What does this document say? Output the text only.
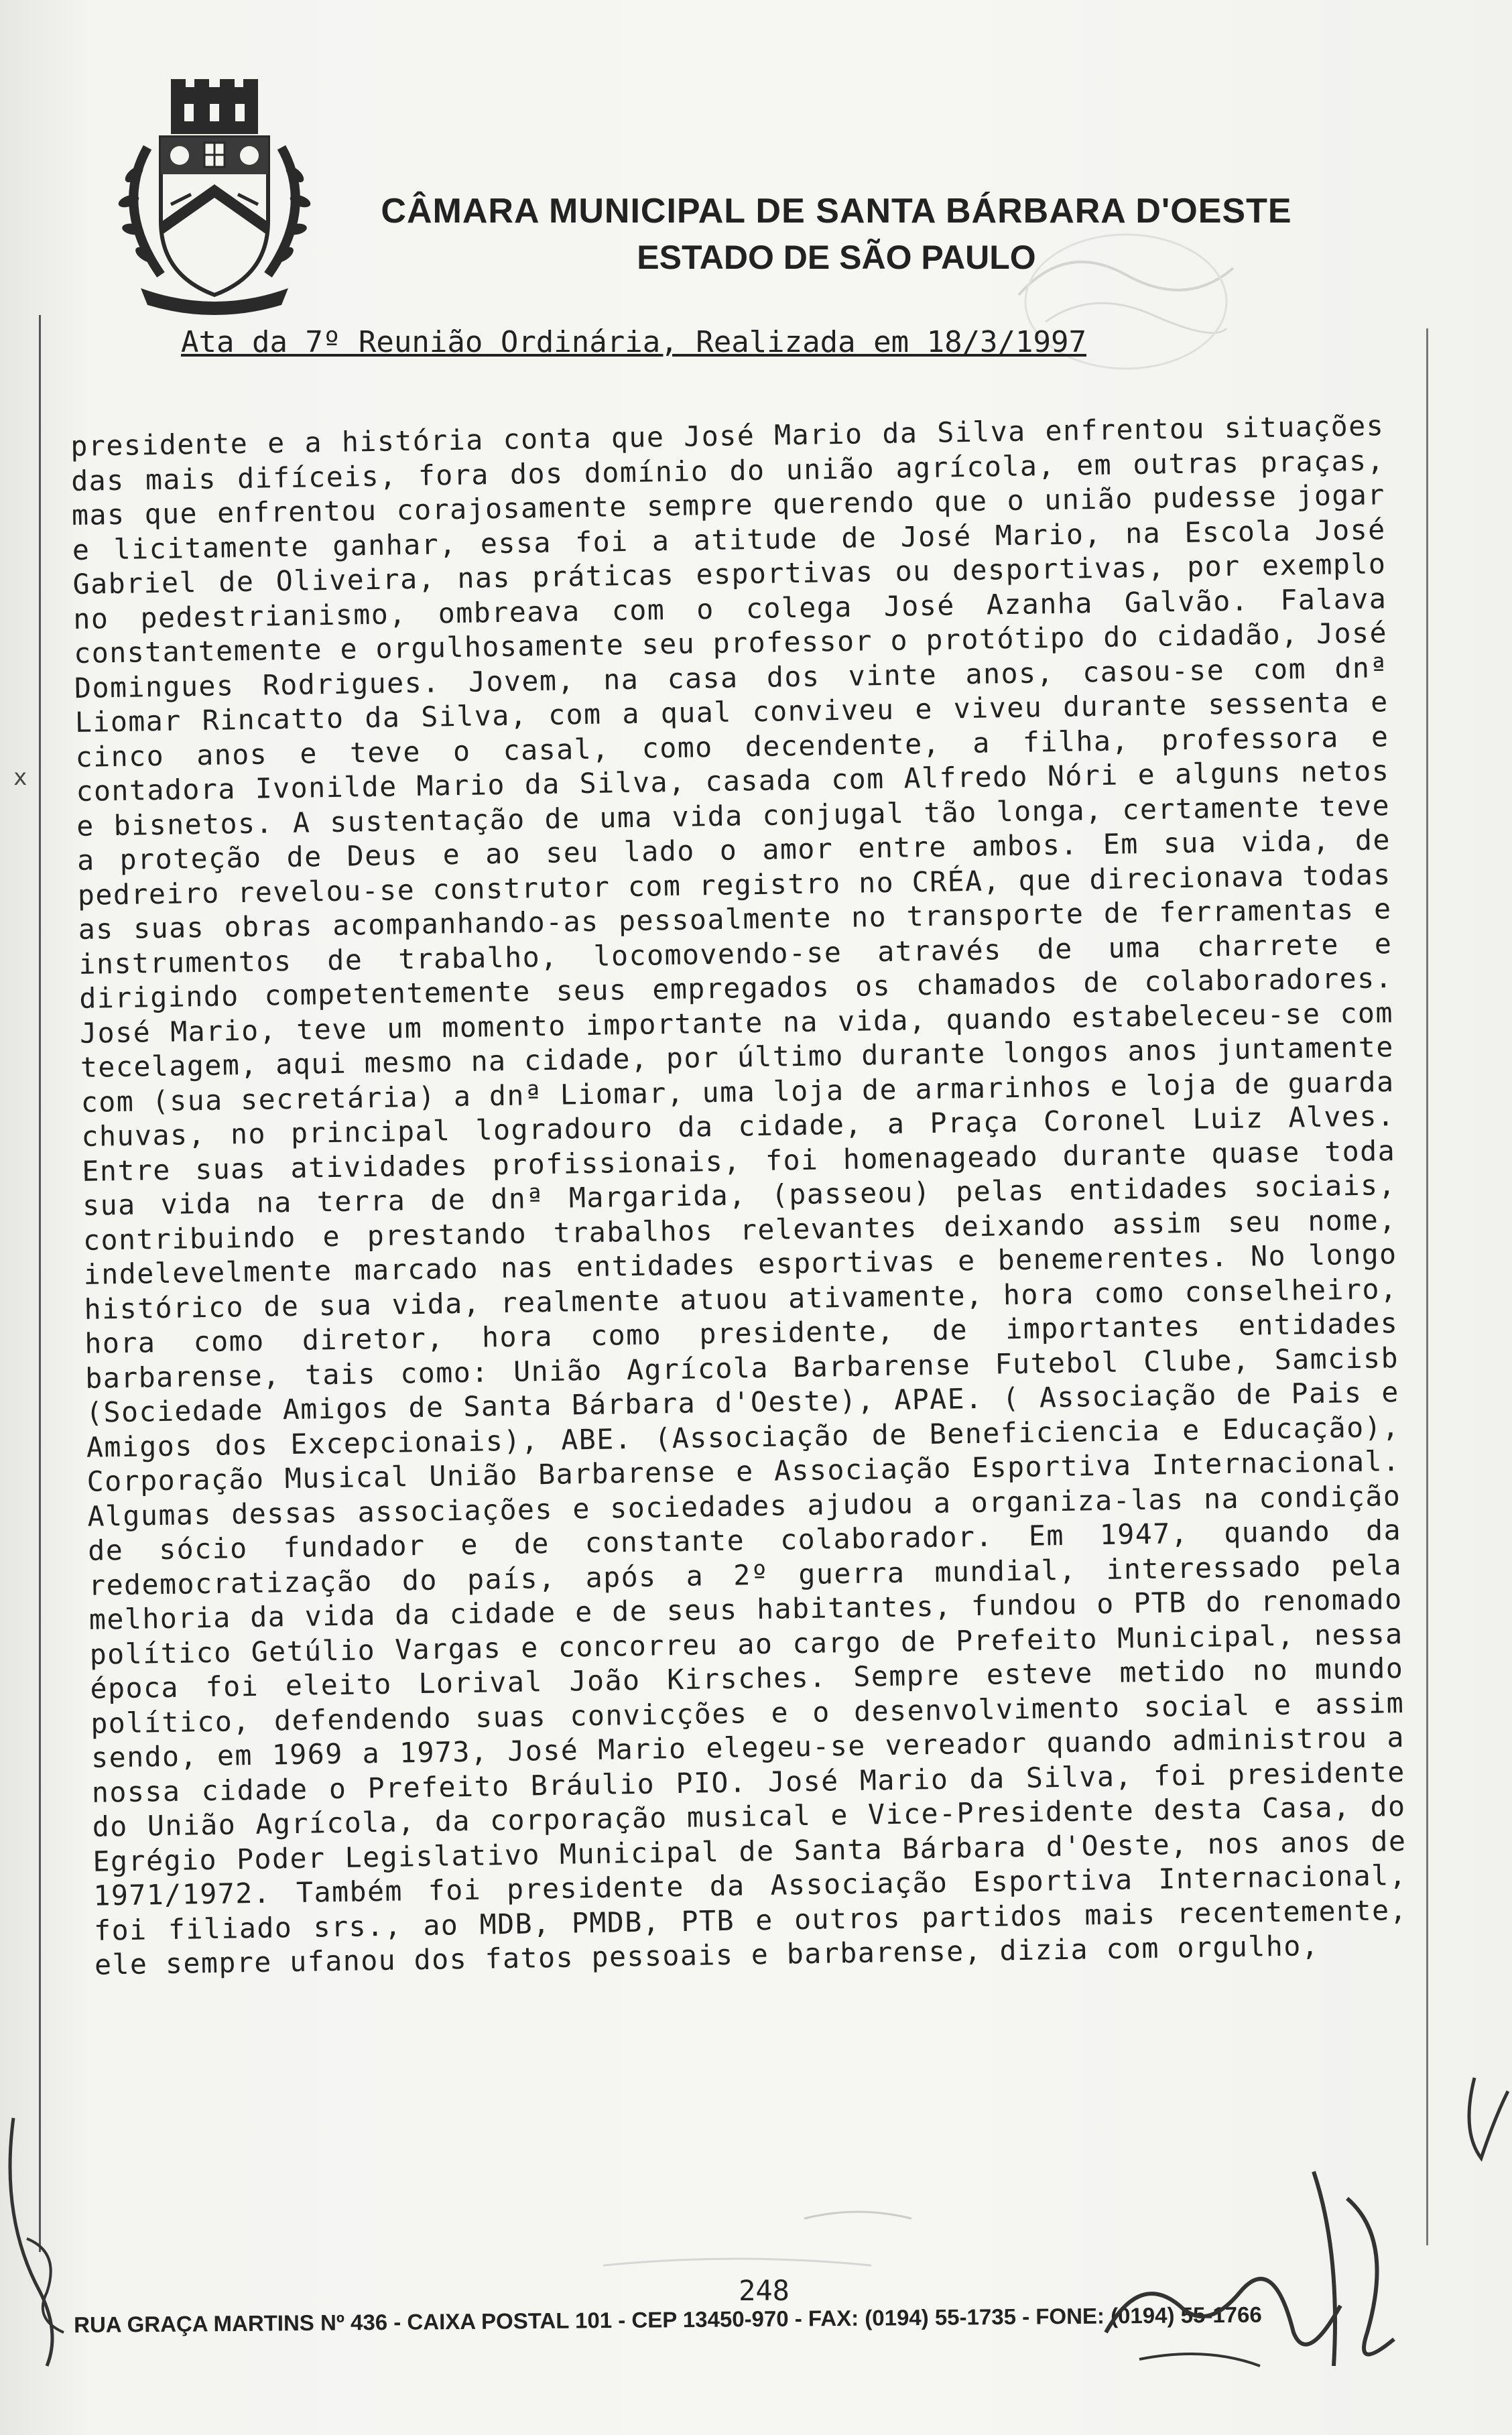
CÂMARA MUNICIPAL DE SANTA BÁRBARA D'OESTE
ESTADO DE SÃO PAULO
Ata da 7º Reunião Ordinária, Realizada em 18/3/1997
x
presidente e a história conta que José Mario da Silva enfrentou situações das mais difíceis, fora dos domínio do união agrícola, em outras praças, mas que enfrentou corajosamente sempre querendo que o união pudesse jogar e licitamente ganhar, essa foi a atitude de José Mario, na Escola José Gabriel de Oliveira, nas práticas esportivas ou desportivas, por exemplo no pedestrianismo, ombreava com o colega José Azanha Galvão. Falava constantemente e orgulhosamente seu professor o protótipo do cidadão, José Domingues Rodrigues. Jovem, na casa dos vinte anos, casou-se com dnª Liomar Rincatto da Silva, com a qual conviveu e viveu durante sessenta e cinco anos e teve o casal, como decendente, a filha, professora e contadora Ivonilde Mario da Silva, casada com Alfredo Nóri e alguns netos e bisnetos. A sustentação de uma vida conjugal tão longa, certamente teve a proteção de Deus e ao seu lado o amor entre ambos. Em sua vida, de pedreiro revelou-se construtor com registro no CRÉA, que direcionava todas as suas obras acompanhando-as pessoalmente no transporte de ferramentas e instrumentos de trabalho, locomovendo-se através de uma charrete e dirigindo competentemente seus empregados os chamados de colaboradores. José Mario, teve um momento importante na vida, quando estabeleceu-se com tecelagem, aqui mesmo na cidade, por último durante longos anos juntamente com (sua secretária) a dnª Liomar, uma loja de armarinhos e loja de guarda chuvas, no principal logradouro da cidade, a Praça Coronel Luiz Alves. Entre suas atividades profissionais, foi homenageado durante quase toda sua vida na terra de dnª Margarida, (passeou) pelas entidades sociais, contribuindo e prestando trabalhos relevantes deixando assim seu nome, indelevelmente marcado nas entidades esportivas e benemerentes. No longo histórico de sua vida, realmente atuou ativamente, hora como conselheiro, hora como diretor, hora como presidente, de importantes entidades barbarense, tais como: União Agrícola Barbarense Futebol Clube, Samcisb (Sociedade Amigos de Santa Bárbara d'Oeste), APAE. ( Associação de Pais e Amigos dos Excepcionais), ABE. (Associação de Beneficiencia e Educação), Corporação Musical União Barbarense e Associação Esportiva Internacional. Algumas dessas associações e sociedades ajudou a organiza-las na condição de sócio fundador e de constante colaborador. Em 1947, quando da redemocratização do país, após a 2º guerra mundial, interessado pela melhoria da vida da cidade e de seus habitantes, fundou o PTB do renomado político Getúlio Vargas e concorreu ao cargo de Prefeito Municipal, nessa época foi eleito Lorival João Kirsches. Sempre esteve metido no mundo político, defendendo suas convicções e o desenvolvimento social e assim sendo, em 1969 a 1973, José Mario elegeu-se vereador quando administrou a nossa cidade o Prefeito Bráulio PIO. José Mario da Silva, foi presidente do União Agrícola, da corporação musical e Vice-Presidente desta Casa, do Egrégio Poder Legislativo Municipal de Santa Bárbara d'Oeste, nos anos de 1971/1972. Também foi presidente da Associação Esportiva Internacional, foi filiado srs., ao MDB, PMDB, PTB e outros partidos mais recentemente, ele sempre ufanou dos fatos pessoais e barbarense, dizia com orgulho,
248
RUA GRAÇA MARTINS Nº 436 - CAIXA POSTAL 101 - CEP 13450-970 - FAX: (0194) 55-1735 - FONE: (0194) 55-1766
